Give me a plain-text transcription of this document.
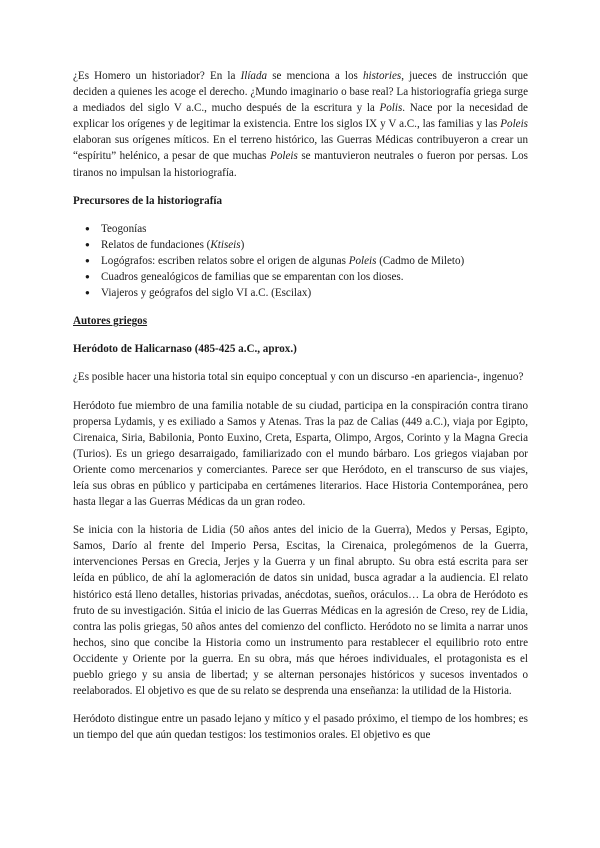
¿Es Homero un historiador? En la Ilíada se menciona a los histories, jueces de instrucción que deciden a quienes les acoge el derecho. ¿Mundo imaginario o base real? La historiografía griega surge a mediados del siglo V a.C., mucho después de la escritura y la Polis. Nace por la necesidad de explicar los orígenes y de legitimar la existencia. Entre los siglos IX y V a.C., las familias y las Poleis elaboran sus orígenes míticos. En el terreno histórico, las Guerras Médicas contribuyeron a crear un “espíritu” helénico, a pesar de que muchas Poleis se mantuvieron neutrales o fueron por persas. Los tiranos no impulsan la historiografía.

Precursores de la historiografía
● Teogonías
● Relatos de fundaciones (Ktiseis)
● Logógrafos: escriben relatos sobre el origen de algunas Poleis (Cadmo de Mileto)
● Cuadros genealógicos de familias que se emparentan con los dioses.
● Viajeros y geógrafos del siglo VI a.C. (Escilax)
Autores griegos
Heródoto de Halicarnaso (485-425 a.C., aprox.)

¿Es posible hacer una historia total sin equipo conceptual y con un discurso -en apariencia-, ingenuo?

Heródoto fue miembro de una familia notable de su ciudad, participa en la conspiración contra tirano propersa Lydamis, y es exiliado a Samos y Atenas. Tras la paz de Calias (449 a.C.), viaja por Egipto, Cirenaica, Siria, Babilonia, Ponto Euxino, Creta, Esparta, Olimpo, Argos, Corinto y la Magna Grecia (Turios). Es un griego desarraigado, familiarizado con el mundo bárbaro. Los griegos viajaban por Oriente como mercenarios y comerciantes. Parece ser que Heródoto, en el transcurso de sus viajes, leía sus obras en público y participaba en certámenes literarios. Hace Historia Contemporánea, pero hasta llegar a las Guerras Médicas da un gran rodeo.

Se inicia con la historia de Lidia (50 años antes del inicio de la Guerra), Medos y Persas, Egipto, Samos, Darío al frente del Imperio Persa, Escitas, la Cirenaica, prolegómenos de la Guerra, intervenciones Persas en Grecia, Jerjes y la Guerra y un final abrupto. Su obra está escrita para ser leída en público, de ahí la aglomeración de datos sin unidad, busca agradar a la audiencia. El relato histórico está lleno detalles, historias privadas, anécdotas, sueños, oráculos… La obra de Heródoto es fruto de su investigación. Sitúa el inicio de las Guerras Médicas en la agresión de Creso, rey de Lidia, contra las polis griegas, 50 años antes del comienzo del conflicto. Heródoto no se limita a narrar unos hechos, sino que concibe la Historia como un instrumento para restablecer el equilibrio roto entre Occidente y Oriente por la guerra. En su obra, más que héroes individuales, el protagonista es el pueblo griego y su ansia de libertad; y se alternan personajes históricos y sucesos inventados o reelaborados. El objetivo es que de su relato se desprenda una enseñanza: la utilidad de la Historia.

Heródoto distingue entre un pasado lejano y mítico y el pasado próximo, el tiempo de los hombres; es un tiempo del que aún quedan testigos: los testimonios orales. El objetivo es que
